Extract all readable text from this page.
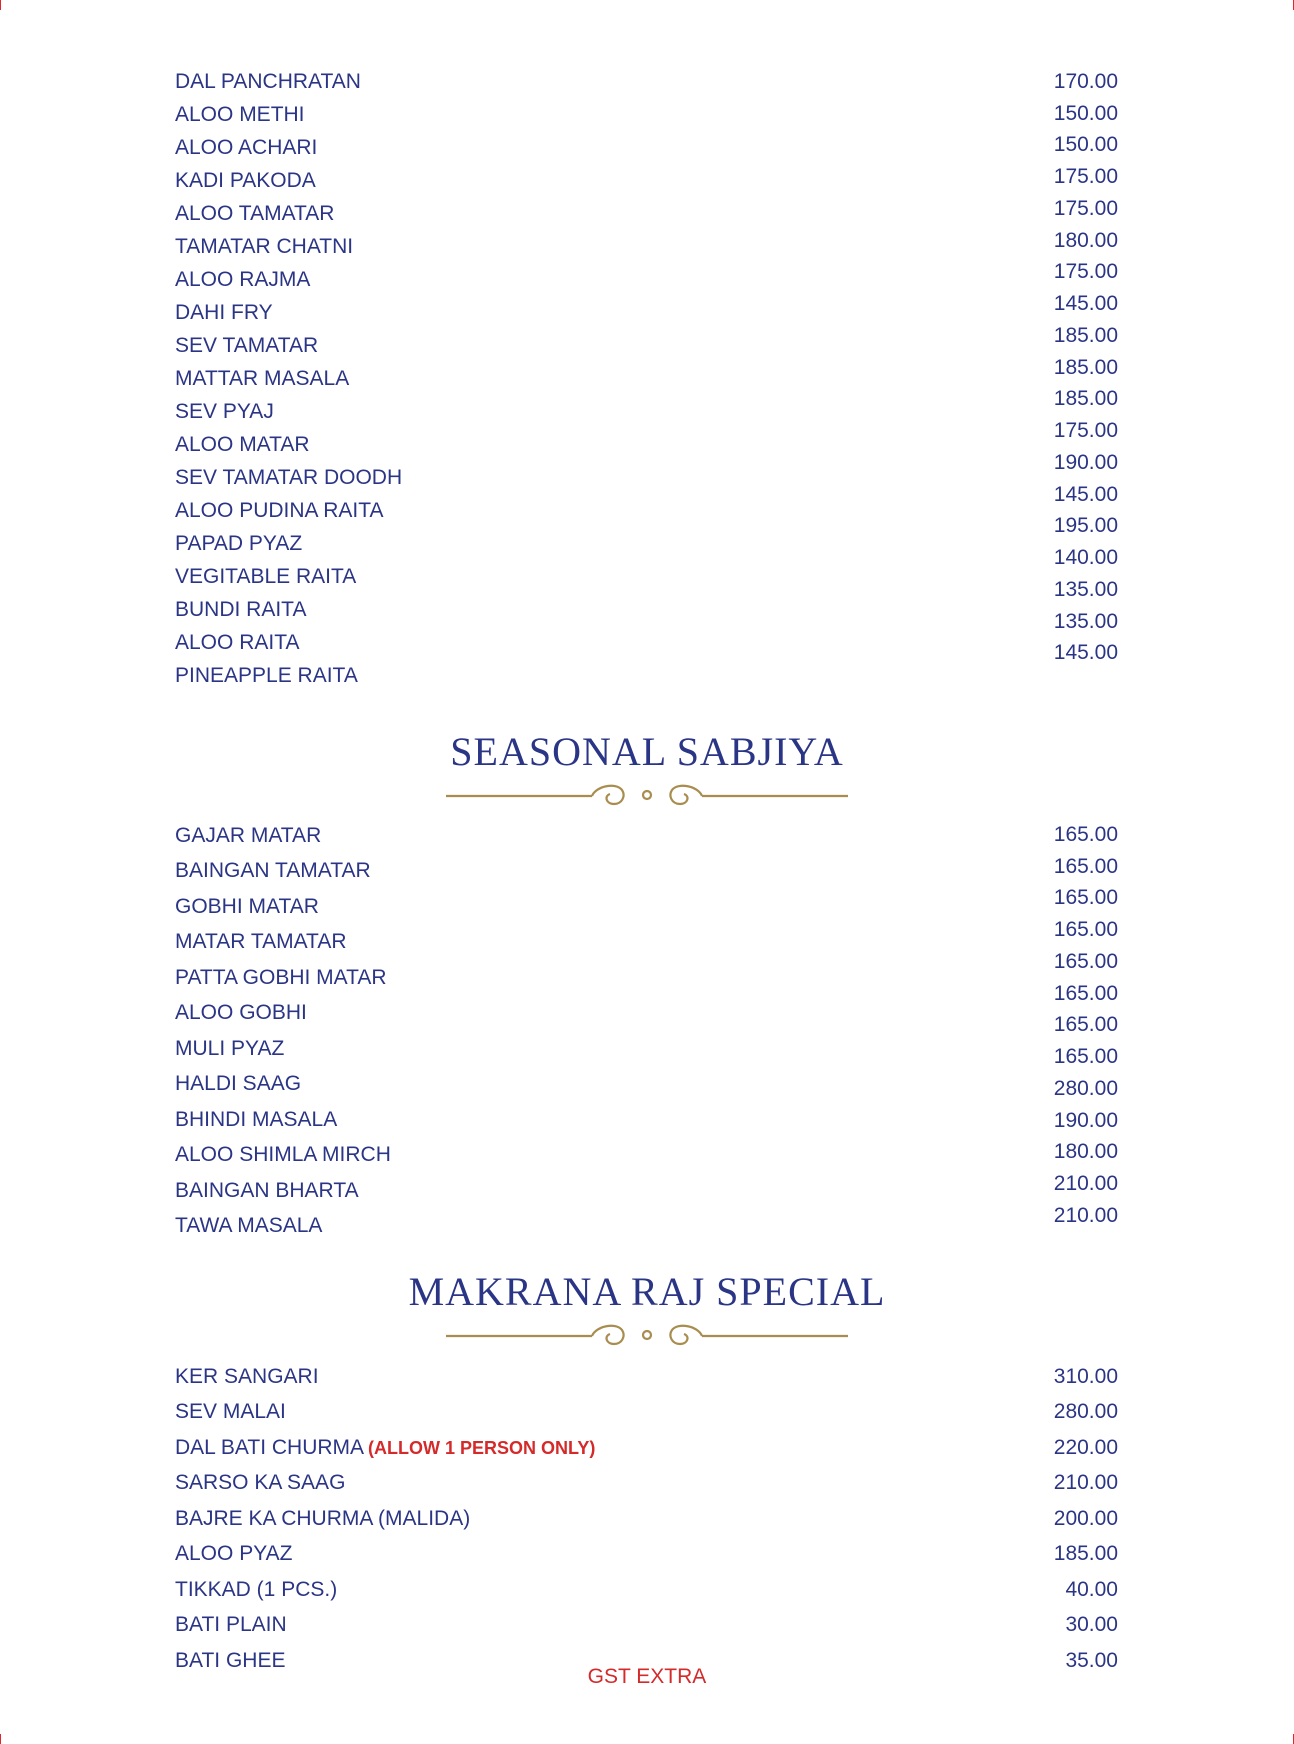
DAL PANCHRATAN
ALOO METHI
ALOO ACHARI
KADI PAKODA
ALOO TAMATAR
TAMATAR CHATNI
ALOO RAJMA
DAHI FRY
SEV TAMATAR
MATTAR MASALA
SEV PYAJ
ALOO MATAR
SEV TAMATAR DOODH
ALOO PUDINA RAITA
PAPAD PYAZ
VEGITABLE RAITA
BUNDI RAITA
ALOO RAITA
PINEAPPLE RAITA
170.00
150.00
150.00
175.00
175.00
180.00
175.00
145.00
185.00
185.00
185.00
175.00
190.00
145.00
195.00
140.00
135.00
135.00
145.00
SEASONAL SABJIYA
GAJAR MATAR
BAINGAN TAMATAR
GOBHI MATAR
MATAR TAMATAR
PATTA GOBHI MATAR
ALOO GOBHI
MULI PYAZ
HALDI SAAG
BHINDI MASALA
ALOO SHIMLA MIRCH
BAINGAN BHARTA
TAWA MASALA
165.00
165.00
165.00
165.00
165.00
165.00
165.00
165.00
280.00
190.00
180.00
210.00
210.00
MAKRANA RAJ SPECIAL
KER SANGARI
SEV MALAI
DAL BATI CHURMA (ALLOW 1 PERSON ONLY)
SARSO KA SAAG
BAJRE KA CHURMA (MALIDA)
ALOO PYAZ
TIKKAD (1 PCS.)
BATI PLAIN
BATI GHEE
310.00
280.00
220.00
210.00
200.00
185.00
40.00
30.00
35.00
GST EXTRA
